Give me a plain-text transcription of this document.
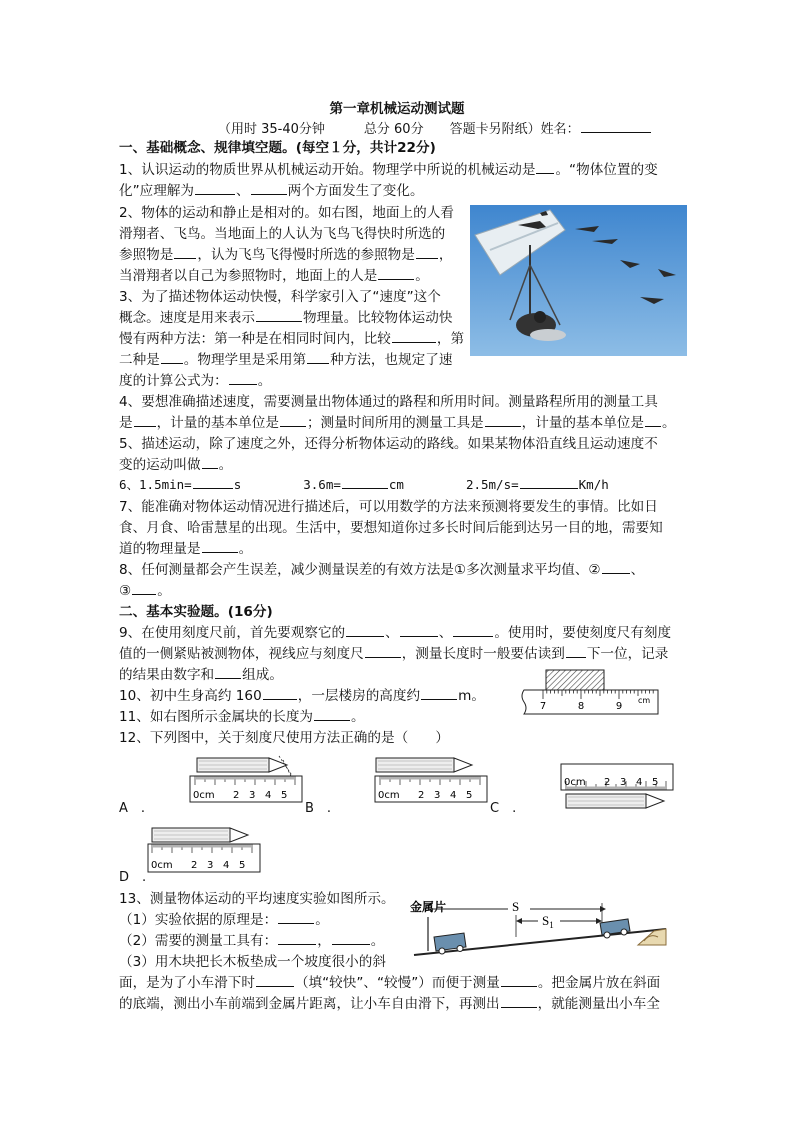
第一章机械运动测试题
（用时 35-40分钟　　　总分 60分　　答题卡另附纸）姓名：
一、基础概念、规律填空题。(每空１分，共计22分)
1、认识运动的物质世界从机械运动开始。物理学中所说的机械运动是 。“物体位置的变
化”应理解为	、	两个方面发生了变化。
2、物体的运动和静止是相对的。如右图，地面上的人看
滑翔者、飞鸟。当地面上的人认为飞鸟飞得快时所选的
参照物是 ，认为飞鸟飞得慢时所选的参照物是 ，
当滑翔者以自己为参照物时，地面上的人是	。
3、为了描述物体运动快慢，科学家引入了“速度”这个
概念。速度是用来表示	物理量。比较物体运动快
慢有两种方法：第一种是在相同时间内，比较	，第
二种是 。物理学里是采用第 种方法，也规定了速
度的计算公式为： 。
4、要想准确描述速度，需要测量出物体通过的路程和所用时间。测量路程所用的测量工具
是 ，计量的基本单位是 ；测量时间所用的测量工具是	，计量的基本单位是 。
5、描述运动，除了速度之外，还得分析物体运动的路线。如果某物体沿直线且运动速度不
变的运动叫做 。
6、1.5min=	s	3.6m=	cm	2.5m/s=	Km/h
7、能准确对物体运动情况进行描述后，可以用数学的方法来预测将要发生的事情。比如日
食、月食、哈雷慧星的出现。生活中，要想知道你过多长时间后能到达另一目的地，需要知
道的物理量是	。
8、任何测量都会产生误差，减少测量误差的有效方法是①多次测量求平均值、② 、
③ 。
二、基本实验题。(16分)
9、在使用刻度尺前，首先要观察它的	、	、	。使用时，要使刻度尺有刻度
值的一侧紧贴被测物体，视线应与刻度尺	，测量长度时一般要估读到 下一位，记录
的结果由数字和 组成。
10、初中生身高约 160	，一层楼房的高度约	m。
11、如右图所示金属块的长度为	。
12、下列图中，关于刻度尺使用方法正确的是（　　）
7	8	9
cm
0cm 2 3 4 5
A　.	B　.
0cm 2 3 4 5
C　.
0cm 2 3 4 5
0cm 2 3 4 5
D　.
13、测量物体运动的平均速度实验如图所示。
（1）实验依据的原理是：	。
（2）需要的测量工具有：	，	。
（3）用木块把长木板垫成一个坡度很小的斜
面，是为了小车滑下时	（填“较快”、“较慢”）而便于测量	。把金属片放在斜面
的底端，测出小车前端到金属片距离，让小车自由滑下，再测出	，就能测量出小车全
金属片	S
$S_1$
